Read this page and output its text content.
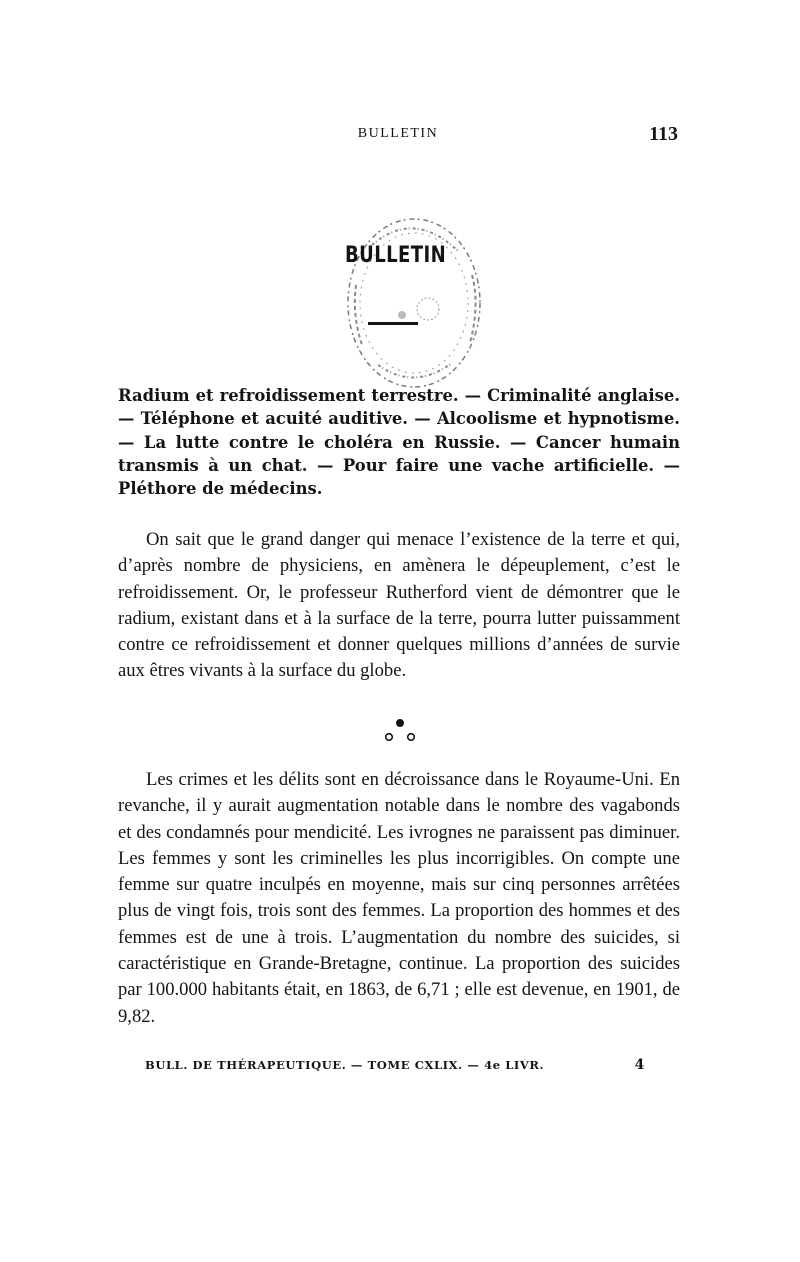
BULLETIN	113
BULLETIN

Radium et refroidissement terrestre. — Criminalité anglaise. — Téléphone et acuité auditive. — Alcoolisme et hypnotisme. — La lutte contre le choléra en Russie. — Cancer humain transmis à un chat. — Pour faire une vache artificielle. — Pléthore de médecins.

On sait que le grand danger qui menace l’existence de la terre et qui, d’après nombre de physiciens, en amènera le dépeuplement, c’est le refroidissement. Or, le professeur Rutherford vient de démontrer que le radium, existant dans et à la surface de la terre, pourra lutter puissamment contre ce refroidissement et donner quelques millions d’années de survie aux êtres vivants à la surface du globe.

Les crimes et les délits sont en décroissance dans le Royaume-Uni. En revanche, il y aurait augmentation notable dans le nombre des vagabonds et des condamnés pour mendicité. Les ivrognes ne paraissent pas diminuer. Les femmes y sont les criminelles les plus incorrigibles. On compte une femme sur quatre inculpés en moyenne, mais sur cinq personnes arrêtées plus de vingt fois, trois sont des femmes. La proportion des hommes et des femmes est de une à trois. L’augmentation du nombre des suicides, si caractéristique en Grande-Bretagne, continue. La proportion des suicides par 100.000 habitants était, en 1863, de 6,71 ; elle est devenue, en 1901, de 9,82.

BULL. DE THÉRAPEUTIQUE. — TOME CXLIX. — 4e LIVR.	4
